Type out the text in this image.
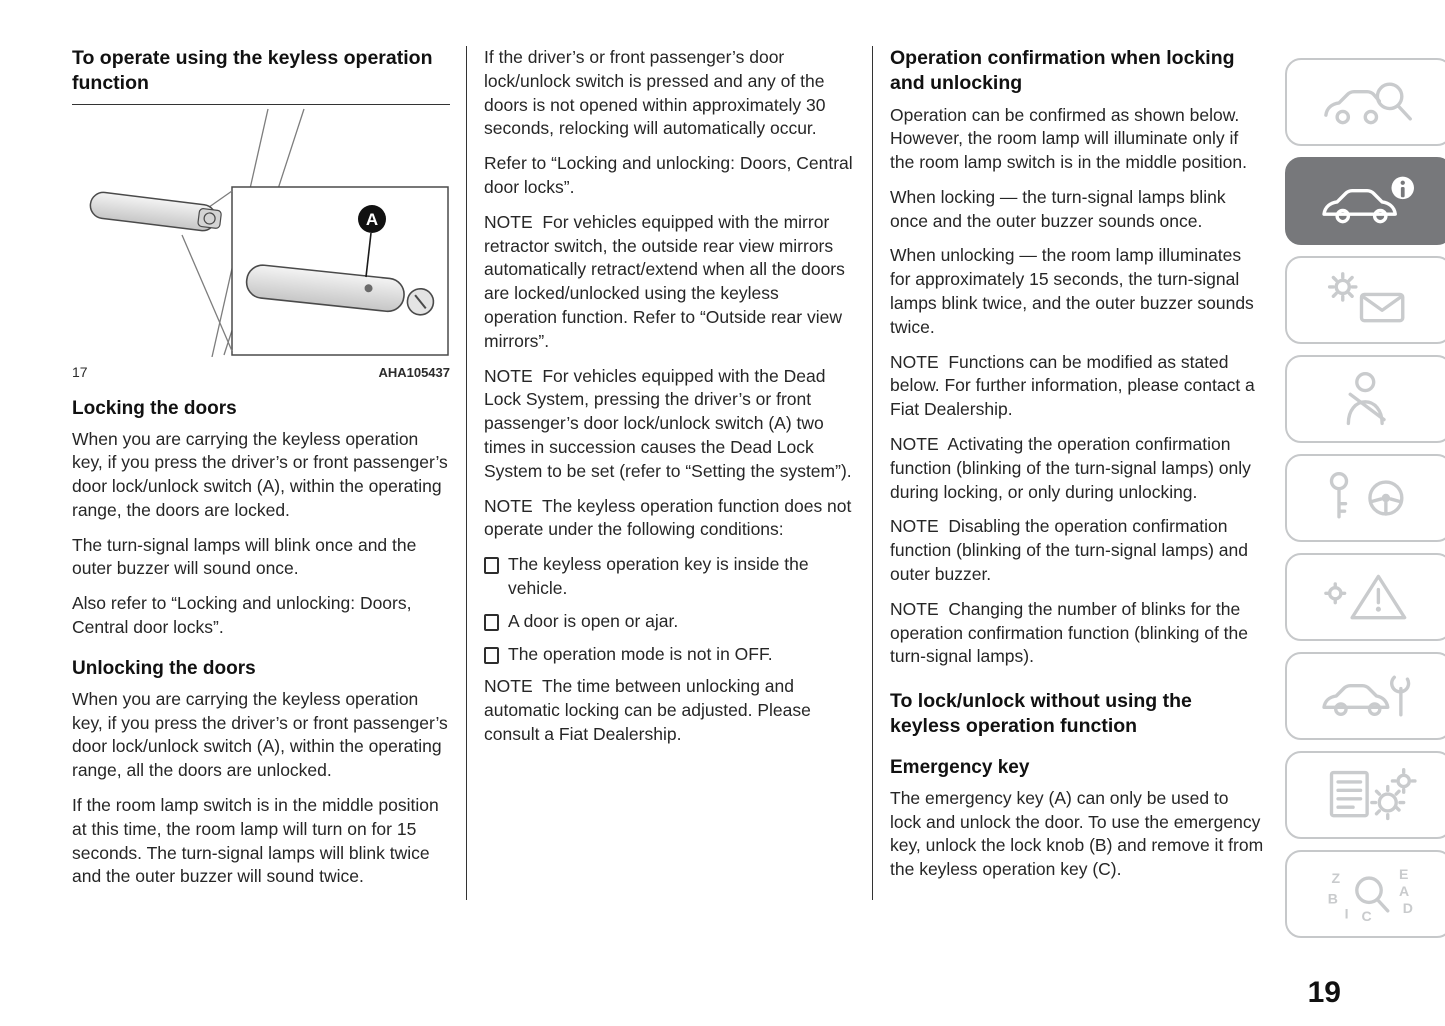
To operate using the keyless operation function
A
17	AHA105437
Locking the doors

When you are carrying the keyless operation key, if you press the driver’s or front passenger’s door lock/unlock switch (A), within the operating range, the doors are locked.

The turn-signal lamps will blink once and the outer buzzer will sound once.

Also refer to “Locking and unlocking: Doors, Central door locks”.

Unlocking the doors

When you are carrying the keyless operation key, if you press the driver’s or front passenger’s door lock/unlock switch (A), within the operating range, all the doors are unlocked.

If the room lamp switch is in the middle position at this time, the room lamp will turn on for 15 seconds. The turn-signal lamps will blink twice and the outer buzzer will sound twice.

If the driver’s or front passenger’s door lock/unlock switch is pressed and any of the doors is not opened within approximately 30 seconds, relocking will automatically occur.

Refer to “Locking and unlocking: Doors, Central door locks”.

NOTE  For vehicles equipped with the mirror retractor switch, the outside rear view mirrors automatically retract/extend when all the doors are locked/unlocked using the keyless operation function. Refer to “Outside rear view mirrors”.

NOTE  For vehicles equipped with the Dead Lock System, pressing the driver’s or front passenger’s door lock/unlock switch (A) two times in succession causes the Dead Lock System to be set (refer to “Setting the system”).

NOTE  The keyless operation function does not operate under the following conditions:

The keyless operation key is inside the vehicle.
A door is open or ajar.
The operation mode is not in OFF.

NOTE  The time between unlocking and automatic locking can be adjusted. Please consult a Fiat Dealership.

Operation confirmation when locking and unlocking

Operation can be confirmed as shown below. However, the room lamp will illuminate only if the room lamp switch is in the middle position.

When locking — the turn-signal lamps blink once and the outer buzzer sounds once.

When unlocking — the room lamp illuminates for approximately 15 seconds, the turn-signal lamps blink twice, and the outer buzzer sounds twice.

NOTE  Functions can be modified as stated below. For further information, please contact a Fiat Dealership.

NOTE  Activating the operation confirmation function (blinking of the turn-signal lamps) only during locking, or only during unlocking.

NOTE  Disabling the operation confirmation function (blinking of the turn-signal lamps) and outer buzzer.

NOTE  Changing the number of blinks for the operation confirmation function (blinking of the turn-signal lamps).

To lock/unlock without using the keyless operation function
Emergency key

The emergency key (A) can only be used to lock and unlock the door. To use the emergency key, unlock the lock knob (B) and remove it from the keyless operation key (C).	Z	E
B	A
D
I C
19
